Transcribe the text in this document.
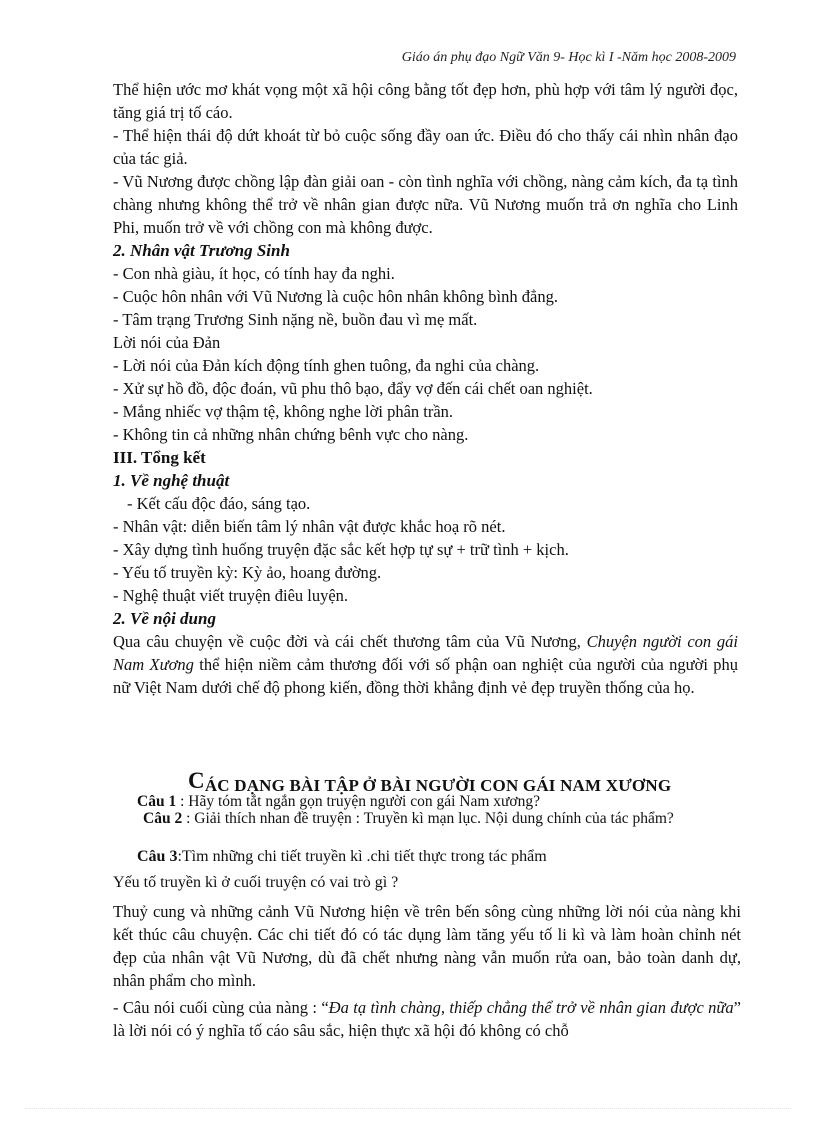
Giáo án phụ đạo Ngữ Văn 9- Học kì I -Năm học 2008-2009

Thể hiện ước mơ khát vọng một xã hội công bằng tốt đẹp hơn, phù hợp với tâm lý người đọc, tăng giá trị tố cáo.

- Thể hiện thái độ dứt khoát từ bỏ cuộc sống đầy oan ức. Điều đó cho thấy cái nhìn nhân đạo của tác giả.

- Vũ Nương được chồng lập đàn giải oan - còn tình nghĩa với chồng, nàng cảm kích, đa tạ tình chàng nhưng không thể trở về nhân gian được nữa. Vũ Nương muốn trả ơn nghĩa cho Linh Phi, muốn trở về với chồng con mà không được.

2. Nhân vật Trương Sinh

- Con nhà giàu, ít học, có tính hay đa nghi.

- Cuộc hôn nhân với Vũ Nương là cuộc hôn nhân không bình đẳng.

- Tâm trạng Trương Sinh nặng nề, buồn đau vì mẹ mất.

Lời nói của Đản

- Lời nói của Đản kích động tính ghen tuông, đa nghi của chàng.

- Xử sự hồ đồ, độc đoán, vũ phu thô bạo, đẩy vợ đến cái chết oan nghiệt.

- Mắng nhiếc vợ thậm tệ, không nghe lời phân trần.

- Không tin cả những nhân chứng bênh vực cho nàng.

III. Tổng kết

1. Về nghệ thuật

- Kết cấu độc đáo, sáng tạo.

- Nhân vật: diễn biến tâm lý nhân vật được khắc hoạ rõ nét.

- Xây dựng tình huống truyện đặc sắc kết hợp tự sự + trữ tình + kịch.

- Yếu tố truyền kỳ: Kỳ ảo, hoang đường.

- Nghệ thuật viết truyện điêu luyện.

2. Về nội dung

Qua câu chuyện về cuộc đời và cái chết thương tâm của Vũ Nương, Chuyện người con gái Nam Xương thể hiện niềm cảm thương đối với số phận oan nghiệt của người của người phụ nữ Việt Nam dưới chế độ phong kiến, đồng thời khẳng định vẻ đẹp truyền thống của họ.

CÁC DẠNG BÀI TẬP Ở BÀI NGƯỜI CON GÁI NAM XƯƠNG
Câu 1 : Hãy tóm tắt ngắn gọn truyện người con gái Nam xương?
Câu 2 : Giải thích nhan đề truyện : Truyền kì mạn lục. Nội dung chính của tác phẩm?
Câu 3:Tìm những chi tiết truyền kì .chi tiết thực trong tác phẩm
Yếu tố truyền kì ở cuối truyện có vai trò gì ?

Thuỷ cung và những cảnh Vũ Nương hiện về trên bến sông cùng những lời nói của nàng khi kết thúc câu chuyện. Các chi tiết đó có tác dụng làm tăng yếu tố li kì và làm hoàn chỉnh nét đẹp của nhân vật Vũ Nương, dù đã chết nhưng nàng vẫn muốn rửa oan, bảo toàn danh dự, nhân phẩm cho mình.

- Câu nói cuối cùng của nàng : “Đa tạ tình chàng, thiếp chẳng thể trở về nhân gian được nữa” là lời nói có ý nghĩa tố cáo sâu sắc, hiện thực xã hội đó không có chỗ
